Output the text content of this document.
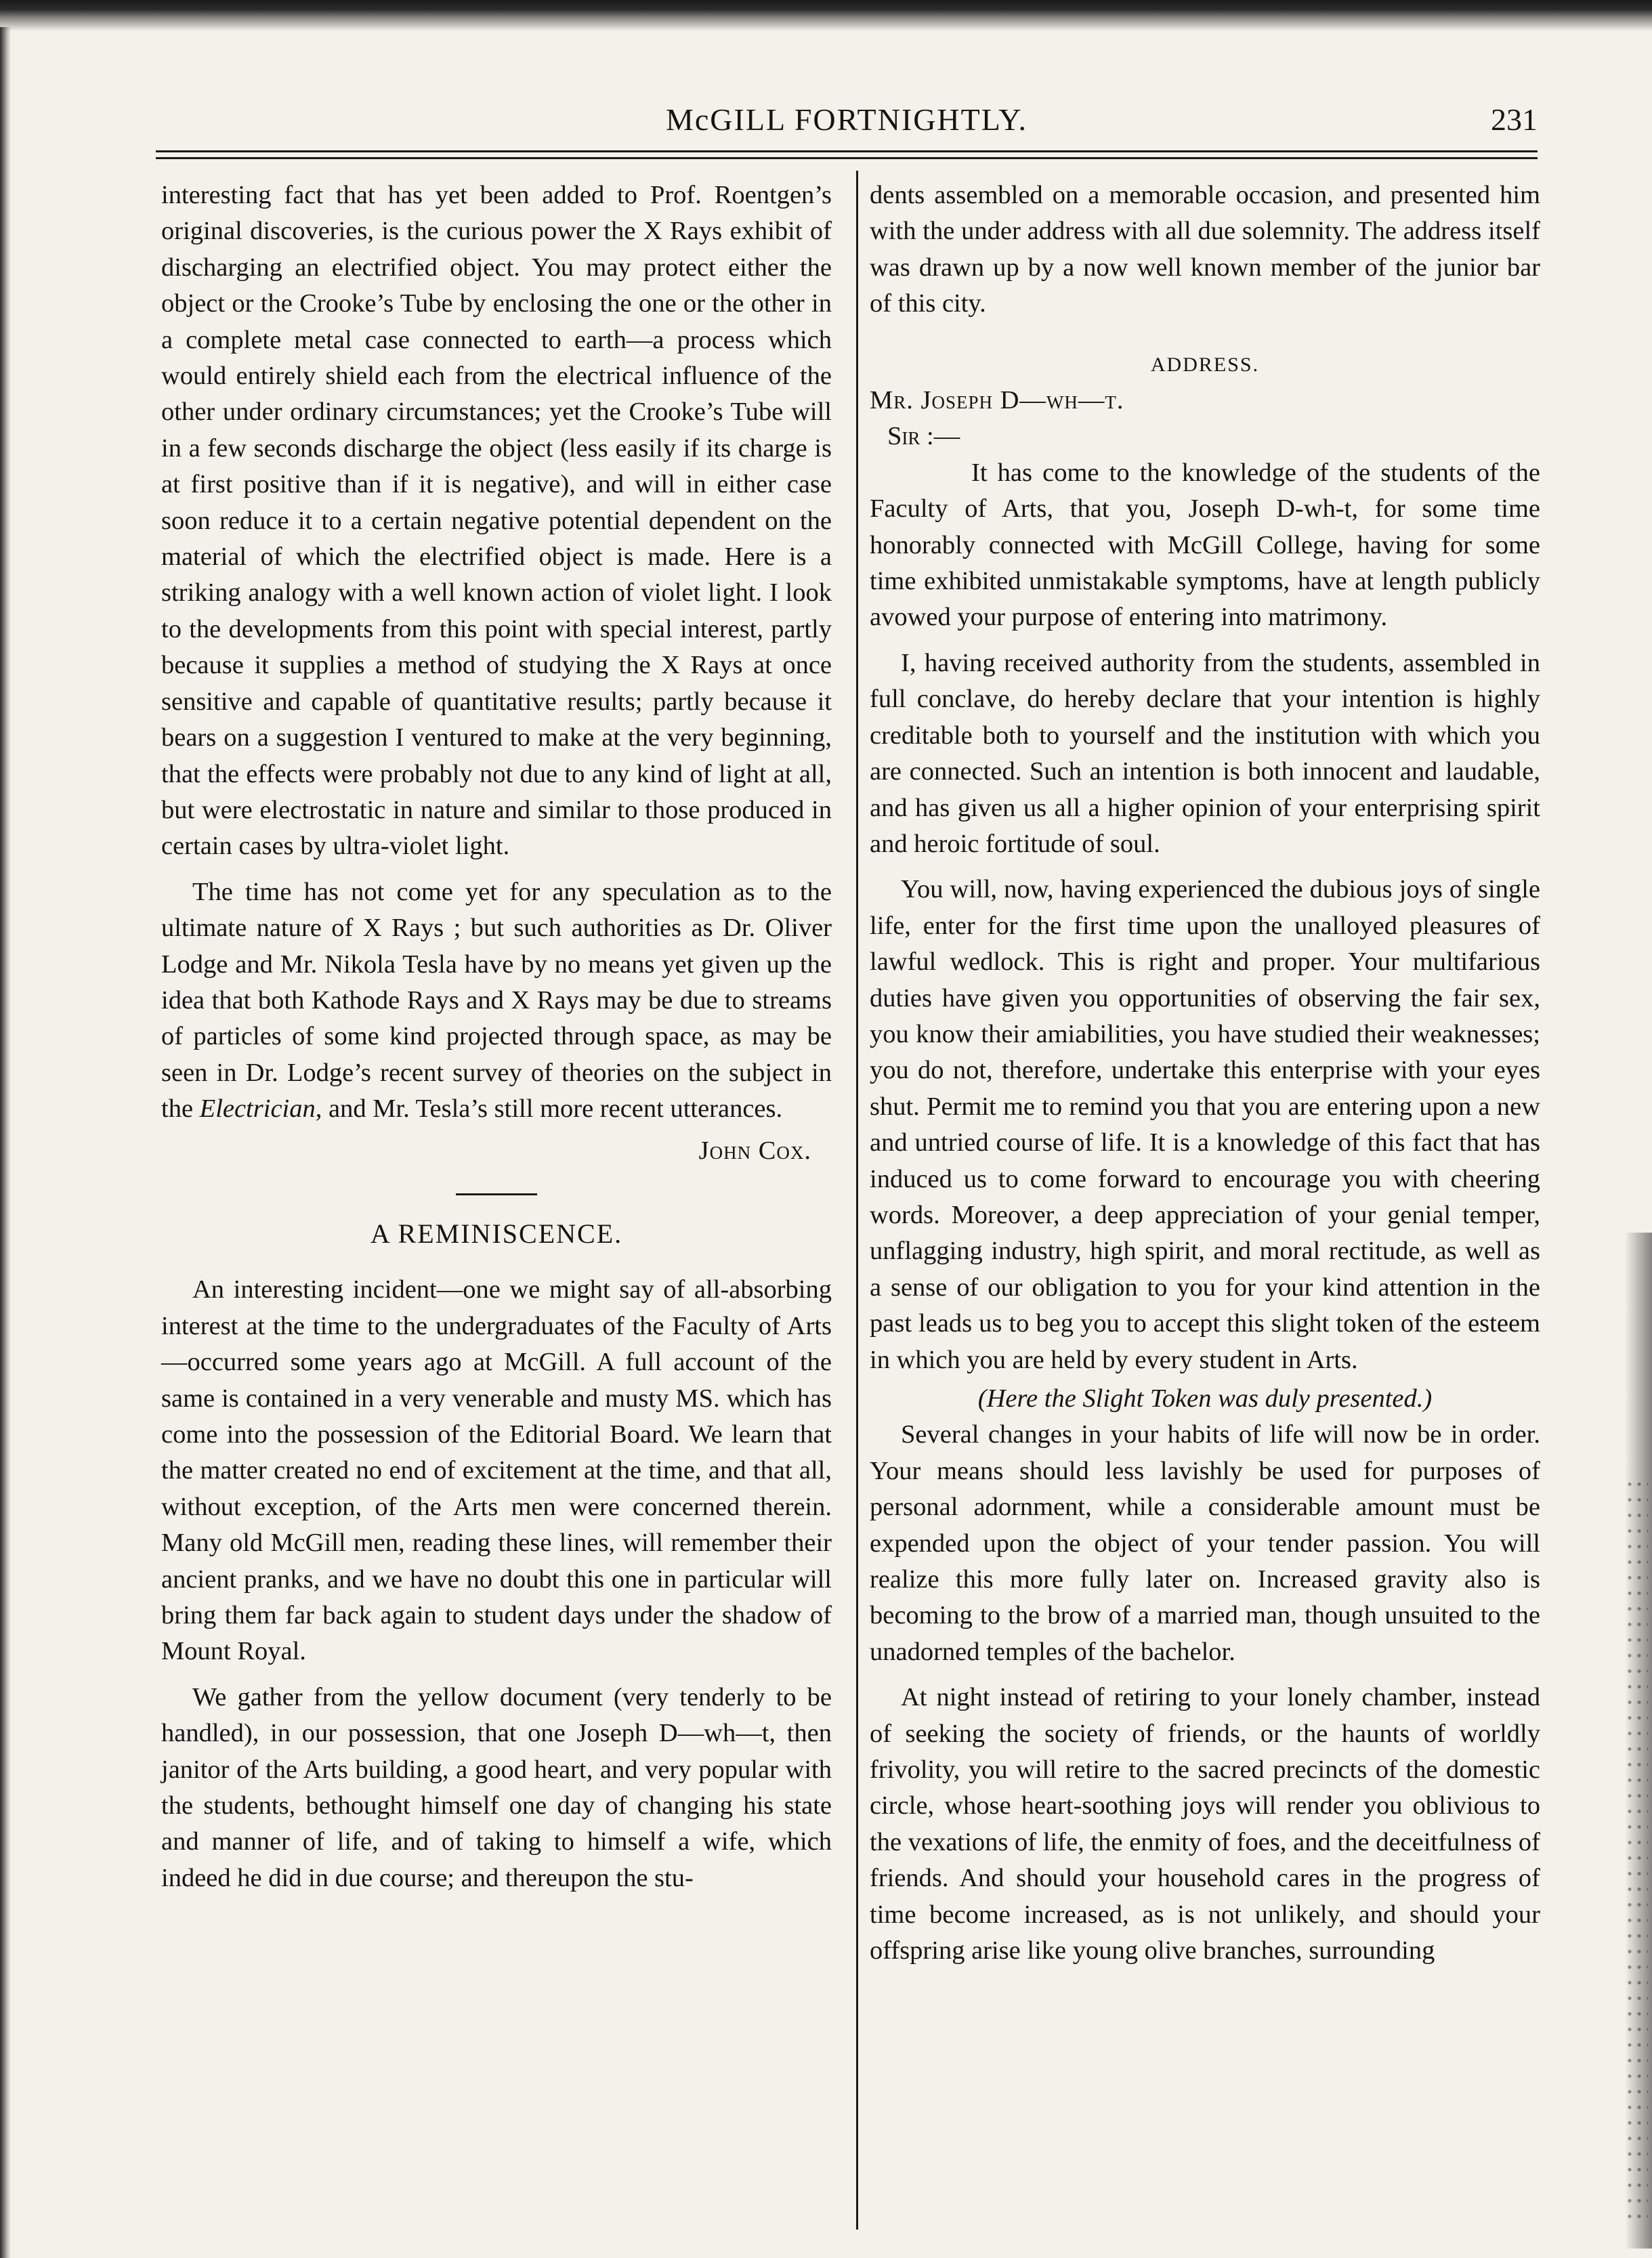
McGILL FORTNIGHTLY.	231

interesting fact that has yet been added to Prof. Roentgen’s original discoveries, is the curious power the X Rays exhibit of discharging an electrified object. You may protect either the object or the Crooke’s Tube by enclosing the one or the other in a complete metal case connected to earth—a process which would entirely shield each from the electrical influence of the other under ordinary circumstances; yet the Crooke’s Tube will in a few seconds discharge the object (less easily if its charge is at first positive than if it is negative), and will in either case soon reduce it to a certain negative potential dependent on the material of which the electrified object is made. Here is a striking analogy with a well known action of violet light. I look to the developments from this point with special interest, partly because it supplies a method of studying the X Rays at once sensitive and capable of quantitative results; partly because it bears on a suggestion I ventured to make at the very beginning, that the effects were probably not due to any kind of light at all, but were electrostatic in nature and similar to those produced in certain cases by ultra-violet light.

The time has not come yet for any speculation as to the ultimate nature of X Rays ; but such authorities as Dr. Oliver Lodge and Mr. Nikola Tesla have by no means yet given up the idea that both Kathode Rays and X Rays may be due to streams of particles of some kind projected through space, as may be seen in Dr. Lodge’s recent survey of theories on the subject in the Electrician, and Mr. Tesla’s still more recent utterances.

John Cox.

A REMINISCENCE.

An interesting incident—one we might say of all-absorbing interest at the time to the undergraduates of the Faculty of Arts—occurred some years ago at McGill. A full account of the same is contained in a very venerable and musty MS. which has come into the possession of the Editorial Board. We learn that the matter created no end of excitement at the time, and that all, without exception, of the Arts men were concerned therein. Many old McGill men, reading these lines, will remember their ancient pranks, and we have no doubt this one in particular will bring them far back again to student days under the shadow of Mount Royal.

We gather from the yellow document (very tenderly to be handled), in our possession, that one Joseph D—wh—t, then janitor of the Arts building, a good heart, and very popular with the students, bethought himself one day of changing his state and manner of life, and of taking to himself a wife, which indeed he did in due course; and thereupon the stu-

dents assembled on a memorable occasion, and presented him with the under address with all due solemnity. The address itself was drawn up by a now well known member of the junior bar of this city.

ADDRESS.

Mr. Joseph D—wh—t.

Sir :—

It has come to the knowledge of the students of the Faculty of Arts, that you, Joseph D-wh-t, for some time honorably connected with McGill College, having for some time exhibited unmistakable symptoms, have at length publicly avowed your purpose of entering into matrimony.

I, having received authority from the students, assembled in full conclave, do hereby declare that your intention is highly creditable both to yourself and the institution with which you are connected. Such an intention is both innocent and laudable, and has given us all a higher opinion of your enterprising spirit and heroic fortitude of soul.

You will, now, having experienced the dubious joys of single life, enter for the first time upon the unalloyed pleasures of lawful wedlock. This is right and proper. Your multifarious duties have given you opportunities of observing the fair sex, you know their amiabilities, you have studied their weaknesses; you do not, therefore, undertake this enterprise with your eyes shut. Permit me to remind you that you are entering upon a new and untried course of life. It is a knowledge of this fact that has induced us to come forward to encourage you with cheering words. Moreover, a deep appreciation of your genial temper, unflagging industry, high spirit, and moral rectitude, as well as a sense of our obligation to you for your kind attention in the past leads us to beg you to accept this slight token of the esteem in which you are held by every student in Arts.

(Here the Slight Token was duly presented.)

Several changes in your habits of life will now be in order. Your means should less lavishly be used for purposes of personal adornment, while a considerable amount must be expended upon the object of your tender passion. You will realize this more fully later on. Increased gravity also is becoming to the brow of a married man, though unsuited to the unadorned temples of the bachelor.

At night instead of retiring to your lonely chamber, instead of seeking the society of friends, or the haunts of worldly frivolity, you will retire to the sacred precincts of the domestic circle, whose heart-soothing joys will render you oblivious to the vexations of life, the enmity of foes, and the deceitfulness of friends. And should your household cares in the progress of time become increased, as is not unlikely, and should your offspring arise like young olive branches, surrounding
